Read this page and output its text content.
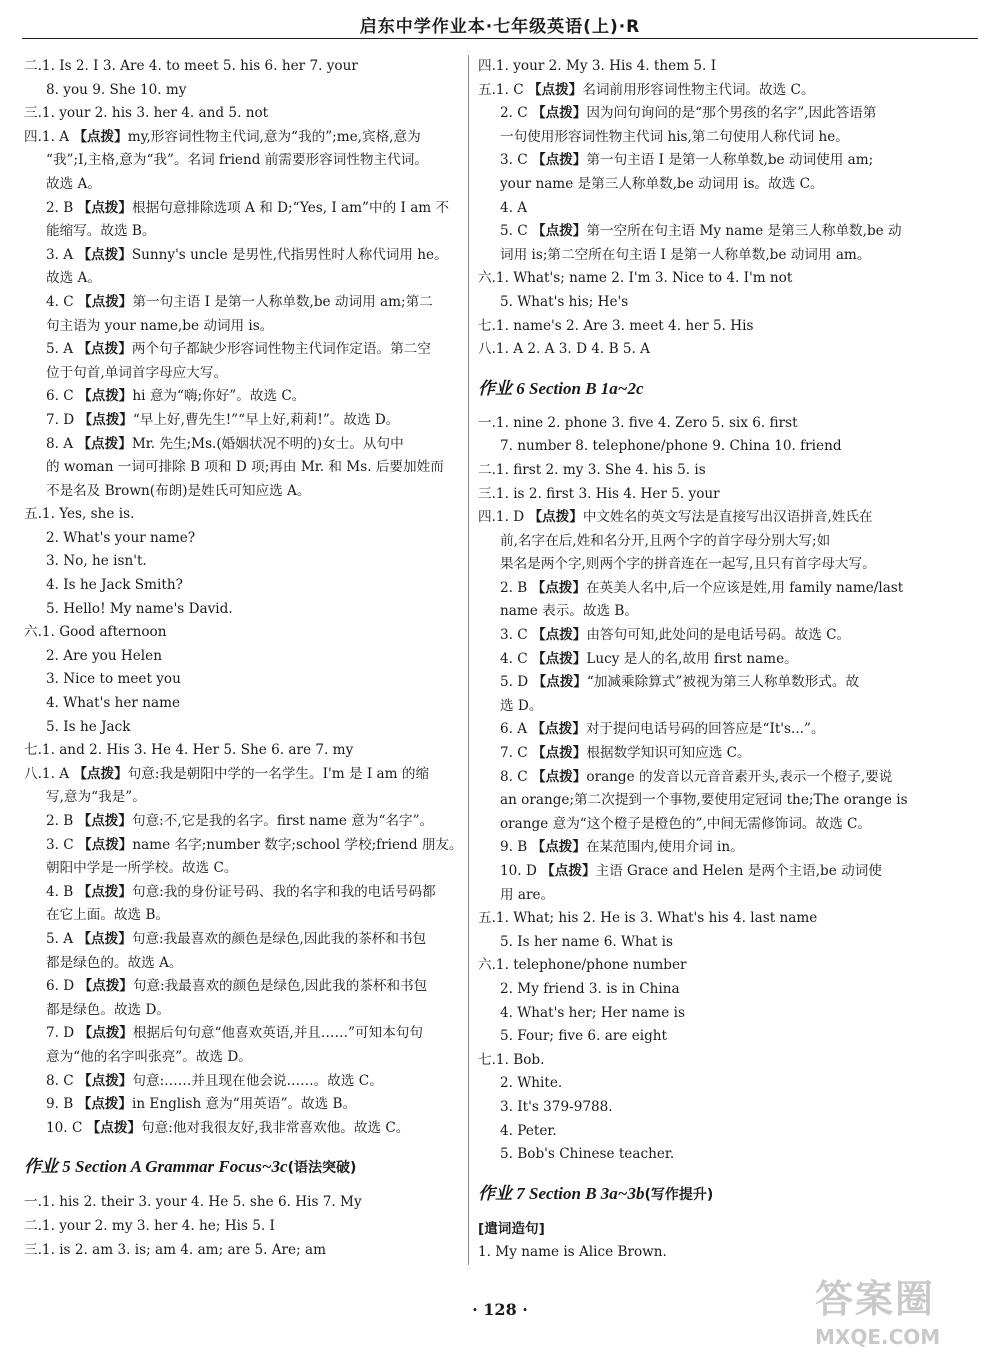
启东中学作业本·七年级英语(上)·R
二.1. Is 2. I 3. Are 4. to meet 5. his 6. her 7. your
8. you 9. She 10. my
三.1. your 2. his 3. her 4. and 5. not
四.1. A 【点拨】my,形容词性物主代词,意为“我的”;me,宾格,意为
“我”;I,主格,意为“我”。名词 friend 前需要形容词性物主代词。
故选 A。
2. B 【点拨】根据句意排除选项 A 和 D;“Yes, I am”中的 I am 不
能缩写。故选 B。
3. A 【点拨】Sunny's uncle 是男性,代指男性时人称代词用 he。
故选 A。
4. C 【点拨】第一句主语 I 是第一人称单数,be 动词用 am;第二
句主语为 your name,be 动词用 is。
5. A 【点拨】两个句子都缺少形容词性物主代词作定语。第二空
位于句首,单词首字母应大写。
6. C 【点拨】hi 意为“嗨;你好”。故选 C。
7. D 【点拨】“早上好,曹先生!”“早上好,莉莉!”。故选 D。
8. A 【点拨】Mr. 先生;Ms.(婚姻状况不明的)女士。从句中
的 woman 一词可排除 B 项和 D 项;再由 Mr. 和 Ms. 后要加姓而
不是名及 Brown(布朗)是姓氏可知应选 A。
五.1. Yes, she is.
2. What's your name?
3. No, he isn't.
4. Is he Jack Smith?
5. Hello! My name's David.
六.1. Good afternoon
2. Are you Helen
3. Nice to meet you
4. What's her name
5. Is he Jack
七.1. and 2. His 3. He 4. Her 5. She 6. are 7. my
八.1. A 【点拨】句意:我是朝阳中学的一名学生。I'm 是 I am 的缩
写,意为“我是”。
2. B 【点拨】句意:不,它是我的名字。first name 意为“名字”。
3. C 【点拨】name 名字;number 数字;school 学校;friend 朋友。
朝阳中学是一所学校。故选 C。
4. B 【点拨】句意:我的身份证号码、我的名字和我的电话号码都
在它上面。故选 B。
5. A 【点拨】句意:我最喜欢的颜色是绿色,因此我的茶杯和书包
都是绿色的。故选 A。
6. D 【点拨】句意:我最喜欢的颜色是绿色,因此我的茶杯和书包
都是绿色。故选 D。
7. D 【点拨】根据后句句意“他喜欢英语,并且……”可知本句句
意为“他的名字叫张亮”。故选 D。
8. C 【点拨】句意:……并且现在他会说……。故选 C。
9. B 【点拨】in English 意为“用英语”。故选 B。
10. C 【点拨】句意:他对我很友好,我非常喜欢他。故选 C。
作业 5 Section A Grammar Focus~3c(语法突破)
一.1. his 2. their 3. your 4. He 5. she 6. His 7. My
二.1. your 2. my 3. her 4. he; His 5. I
三.1. is 2. am 3. is; am 4. am; are 5. Are; am
四.1. your 2. My 3. His 4. them 5. I
五.1. C 【点拨】名词前用形容词性物主代词。故选 C。
2. C 【点拨】因为问句询问的是“那个男孩的名字”,因此答语第
一句使用形容词性物主代词 his,第二句使用人称代词 he。
3. C 【点拨】第一句主语 I 是第一人称单数,be 动词使用 am;
your name 是第三人称单数,be 动词用 is。故选 C。
4. A
5. C 【点拨】第一空所在句主语 My name 是第三人称单数,be 动
词用 is;第二空所在句主语 I 是第一人称单数,be 动词用 am。
六.1. What's; name 2. I'm 3. Nice to 4. I'm not
5. What's his; He's
七.1. name's 2. Are 3. meet 4. her 5. His
八.1. A 2. A 3. D 4. B 5. A
作业 6 Section B 1a~2c
一.1. nine 2. phone 3. five 4. Zero 5. six 6. first
7. number 8. telephone/phone 9. China 10. friend
二.1. first 2. my 3. She 4. his 5. is
三.1. is 2. first 3. His 4. Her 5. your
四.1. D 【点拨】中文姓名的英文写法是直接写出汉语拼音,姓氏在
前,名字在后,姓和名分开,且两个字的首字母分别大写;如
果名是两个字,则两个字的拼音连在一起写,且只有首字母大写。
2. B 【点拨】在英美人名中,后一个应该是姓,用 family name/last
name 表示。故选 B。
3. C 【点拨】由答句可知,此处问的是电话号码。故选 C。
4. C 【点拨】Lucy 是人的名,故用 first name。
5. D 【点拨】“加减乘除算式”被视为第三人称单数形式。故
选 D。
6. A 【点拨】对于提问电话号码的回答应是“It's...”。
7. C 【点拨】根据数学知识可知应选 C。
8. C 【点拨】orange 的发音以元音音素开头,表示一个橙子,要说
an orange;第二次提到一个事物,要使用定冠词 the;The orange is
orange 意为“这个橙子是橙色的”,中间无需修饰词。故选 C。
9. B 【点拨】在某范围内,使用介词 in。
10. D 【点拨】主语 Grace and Helen 是两个主语,be 动词使
用 are。
五.1. What; his 2. He is 3. What's his 4. last name
5. Is her name 6. What is
六.1. telephone/phone number
2. My friend 3. is in China
4. What's her; Her name is
5. Four; five 6. are eight
七.1. Bob.
2. White.
3. It's 379-9788.
4. Peter.
5. Bob's Chinese teacher.
作业 7 Section B 3a~3b(写作提升)
[遣词造句]
1. My name is Alice Brown.
· 128 ·	答案圈
MXQE.COM
